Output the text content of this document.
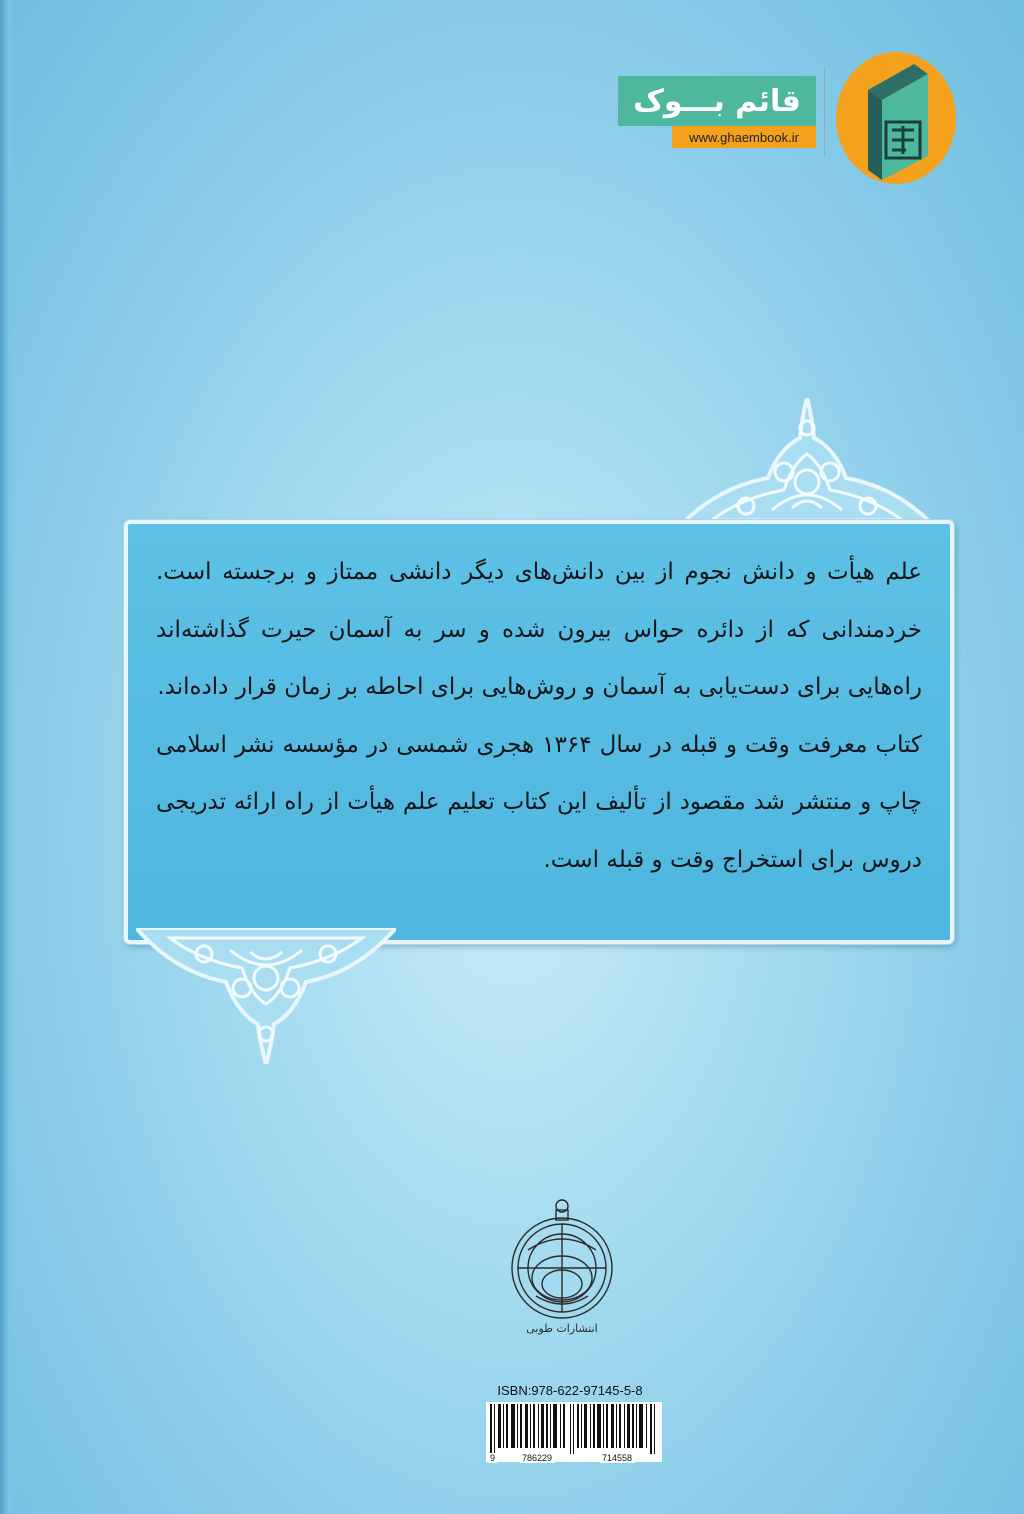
قائم بـــوک
www.ghaembook.ir

علم هیأت و دانش نجوم از بین دانش‌های دیگر دانشی ممتاز و برجسته است. خردمندانی که از دائره حواس بیرون شده و سر به آسمان حیرت گذاشته‌اند راه‌هایی برای دست‌یابی به آسمان و روش‌هایی برای احاطه بر زمان قرار داده‌اند.

کتاب معرفت وقت و قبله در سال ۱۳۶۴ هجری شمسی در مؤسسه نشر اسلامی چاپ و منتشر شد مقصود از تألیف این کتاب تعلیم علم هیأت از راه ارائه تدریجی دروس برای استخراج وقت و قبله است.

انتشارات طوبی
ISBN:978-622-97145-5-8
9	786229	714558
